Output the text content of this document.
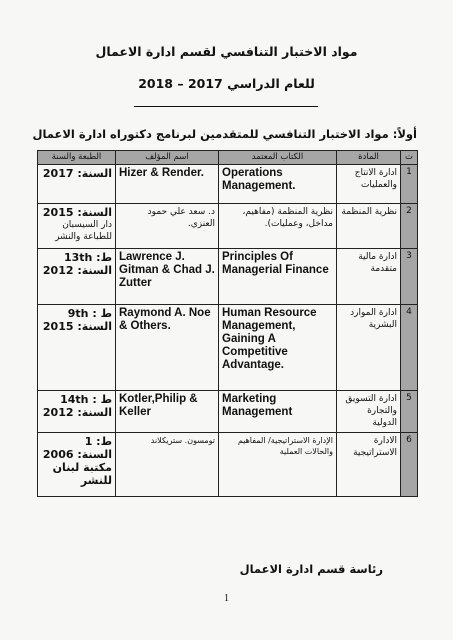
مواد الاختبار التنافسي لقسم ادارة الاعمال
للعام الدراسي 2017 – 2018
أولاً: مواد الاختبار التنافسي للمتقدمين لبرنامج دكتوراه ادارة الاعمال
ت	المادة	الكتاب المعتمد	اسم المؤلف	الطبعة والسنة
1	ادارة الانتاج والعمليات	Operations Management.	Hizer & Render.	السنة: 2017

2	نظرية المنظمة	نظرية المنظمة (مفاهيم، مداخل، وعمليات).	د. سعد علي حمود العنزي.	السنة: 2015
دار السيسبان للطباعة والنشر

3	ادارة مالية متقدمة	Principles Of Managerial Finance	Lawrence J. Gitman & Chad J. Zutter	ط: 13th
السنة: 2012

4	ادارة الموارد البشرية	Human Resource Management, Gaining A Competitive Advantage.	Raymond A. Noe & Others.	ط : 9th
السنة: 2015

5	ادارة التسويق والتجارة الدولية	Marketing Management	Kotler,Philip & Keller	ط : 14th
السنة: 2012

6	الادارة الاستراتيجية	الإدارة الاستراتيجية/ المفاهيم والحالات العملية	تومسون. ستريكلاند	ط: 1
السنة: 2006
مكتبة لبنان للنشر
رئاسة قسم ادارة الاعمال
1
